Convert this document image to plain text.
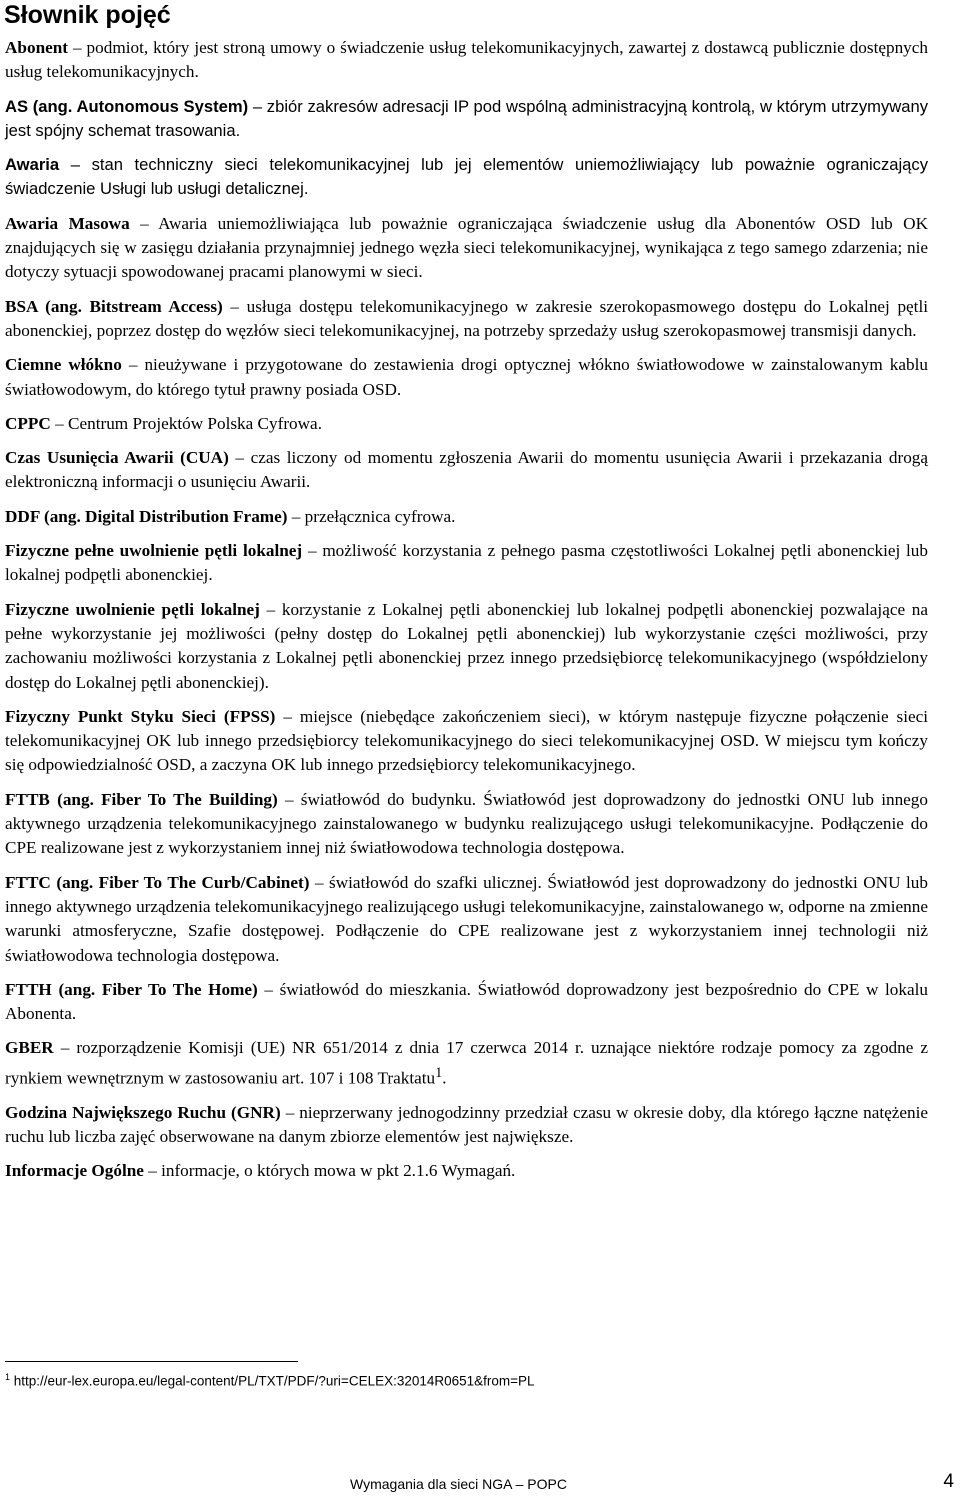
Słownik pojęć

Abonent – podmiot, który jest stroną umowy o świadczenie usług telekomunikacyjnych, zawartej z dostawcą publicznie dostępnych usług telekomunikacyjnych.

AS (ang. Autonomous System) – zbiór zakresów adresacji IP pod wspólną administracyjną kontrolą, w którym utrzymywany jest spójny schemat trasowania.

Awaria – stan techniczny sieci telekomunikacyjnej lub jej elementów uniemożliwiający lub poważnie ograniczający świadczenie Usługi lub usługi detalicznej.

Awaria Masowa – Awaria uniemożliwiająca lub poważnie ograniczająca świadczenie usług dla Abonentów OSD lub OK znajdujących się w zasięgu działania przynajmniej jednego węzła sieci telekomunikacyjnej, wynikająca z tego samego zdarzenia; nie dotyczy sytuacji spowodowanej pracami planowymi w sieci.

BSA (ang. Bitstream Access) – usługa dostępu telekomunikacyjnego w zakresie szerokopasmowego dostępu do Lokalnej pętli abonenckiej, poprzez dostęp do węzłów sieci telekomunikacyjnej, na potrzeby sprzedaży usług szerokopasmowej transmisji danych.

Ciemne włókno – nieużywane i przygotowane do zestawienia drogi optycznej włókno światłowodowe w zainstalowanym kablu światłowodowym, do którego tytuł prawny posiada OSD.

CPPC – Centrum Projektów Polska Cyfrowa.

Czas Usunięcia Awarii (CUA) – czas liczony od momentu zgłoszenia Awarii do momentu usunięcia Awarii i przekazania drogą elektroniczną informacji o usunięciu Awarii.

DDF (ang. Digital Distribution Frame) – przełącznica cyfrowa.

Fizyczne pełne uwolnienie pętli lokalnej – możliwość korzystania z pełnego pasma częstotliwości Lokalnej pętli abonenckiej lub lokalnej podpętli abonenckiej.

Fizyczne uwolnienie pętli lokalnej – korzystanie z Lokalnej pętli abonenckiej lub lokalnej podpętli abonenckiej pozwalające na pełne wykorzystanie jej możliwości (pełny dostęp do Lokalnej pętli abonenckiej) lub wykorzystanie części możliwości, przy zachowaniu możliwości korzystania z Lokalnej pętli abonenckiej przez innego przedsiębiorcę telekomunikacyjnego (współdzielony dostęp do Lokalnej pętli abonenckiej).

Fizyczny Punkt Styku Sieci (FPSS) – miejsce (niebędące zakończeniem sieci), w którym następuje fizyczne połączenie sieci telekomunikacyjnej OK lub innego przedsiębiorcy telekomunikacyjnego do sieci telekomunikacyjnej OSD. W miejscu tym kończy się odpowiedzialność OSD, a zaczyna OK lub innego przedsiębiorcy telekomunikacyjnego.

FTTB (ang. Fiber To The Building) – światłowód do budynku. Światłowód jest doprowadzony do jednostki ONU lub innego aktywnego urządzenia telekomunikacyjnego zainstalowanego w budynku realizującego usługi telekomunikacyjne. Podłączenie do CPE realizowane jest z wykorzystaniem innej niż światłowodowa technologia dostępowa.

FTTC (ang. Fiber To The Curb/Cabinet) – światłowód do szafki ulicznej. Światłowód jest doprowadzony do jednostki ONU lub innego aktywnego urządzenia telekomunikacyjnego realizującego usługi telekomunikacyjne, zainstalowanego w, odporne na zmienne warunki atmosferyczne, Szafie dostępowej. Podłączenie do CPE realizowane jest z wykorzystaniem innej technologii niż światłowodowa technologia dostępowa.

FTTH (ang. Fiber To The Home) – światłowód do mieszkania. Światłowód doprowadzony jest bezpośrednio do CPE w lokalu Abonenta.

GBER – rozporządzenie Komisji (UE) NR 651/2014 z dnia 17 czerwca 2014 r. uznające niektóre rodzaje pomocy za zgodne z rynkiem wewnętrznym w zastosowaniu art. 107 i 108 Traktatu$^1$.

Godzina Największego Ruchu (GNR) – nieprzerwany jednogodzinny przedział czasu w okresie doby, dla którego łączne natężenie ruchu lub liczba zajęć obserwowane na danym zbiorze elementów jest największe.

Informacje Ogólne – informacje, o których mowa w pkt 2.1.6 Wymagań.

$^1$ http://eur-lex.europa.eu/legal-content/PL/TXT/PDF/?uri=CELEX:32014R0651&from=PL
Wymagania dla sieci NGA – POPC	4
